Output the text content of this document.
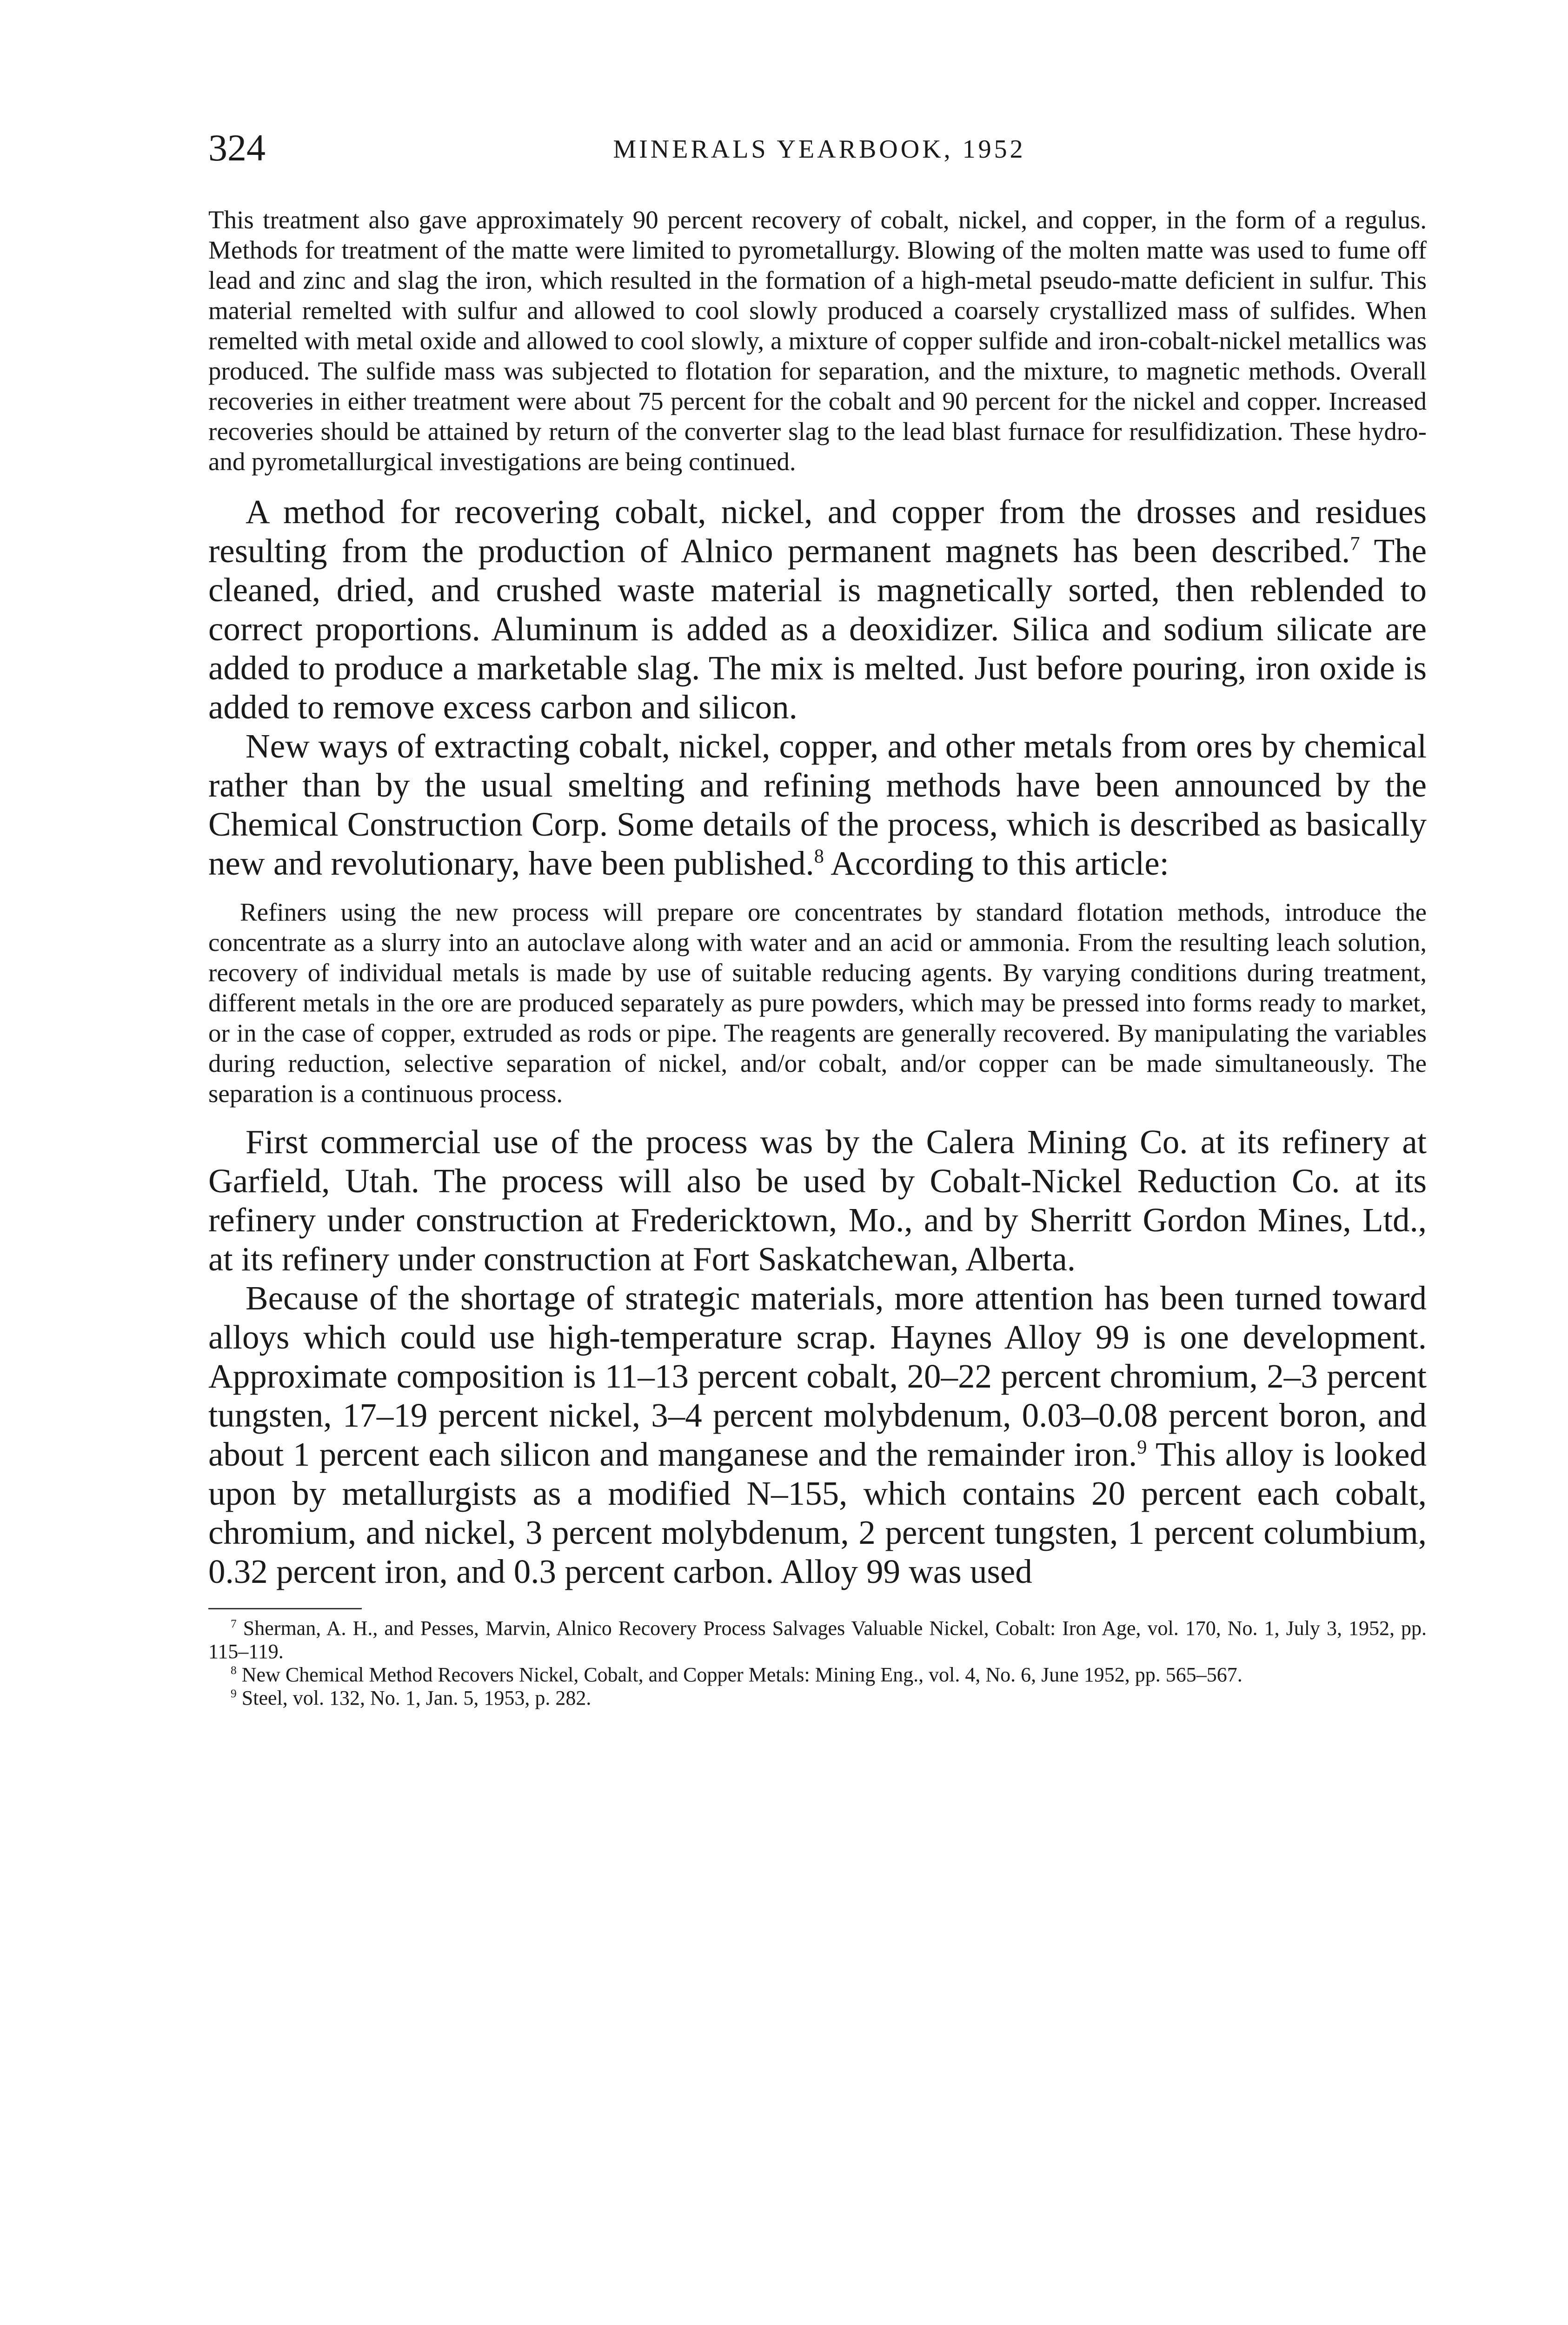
324	MINERALS YEARBOOK, 1952

This treatment also gave approximately 90 percent recovery of cobalt, nickel, and copper, in the form of a regulus. Methods for treatment of the matte were limited to pyrometallurgy. Blowing of the molten matte was used to fume off lead and zinc and slag the iron, which resulted in the formation of a high-metal pseudo-matte deficient in sulfur. This material remelted with sulfur and allowed to cool slowly produced a coarsely crystallized mass of sulfides. When remelted with metal oxide and allowed to cool slowly, a mixture of copper sulfide and iron-cobalt-nickel metallics was produced. The sulfide mass was subjected to flotation for separation, and the mixture, to magnetic methods. Overall recoveries in either treatment were about 75 percent for the cobalt and 90 percent for the nickel and copper. Increased recoveries should be attained by return of the converter slag to the lead blast furnace for resulfidization. These hydro- and pyrometallurgical investigations are being continued.

A method for recovering cobalt, nickel, and copper from the drosses and residues resulting from the production of Alnico permanent magnets has been described.$^7$ The cleaned, dried, and crushed waste material is magnetically sorted, then reblended to correct proportions. Aluminum is added as a deoxidizer. Silica and sodium silicate are added to produce a marketable slag. The mix is melted. Just before pouring, iron oxide is added to remove excess carbon and silicon.

New ways of extracting cobalt, nickel, copper, and other metals from ores by chemical rather than by the usual smelting and refining methods have been announced by the Chemical Construction Corp. Some details of the process, which is described as basically new and revolutionary, have been published.$^8$ According to this article:

Refiners using the new process will prepare ore concentrates by standard flotation methods, introduce the concentrate as a slurry into an autoclave along with water and an acid or ammonia. From the resulting leach solution, recovery of individual metals is made by use of suitable reducing agents. By varying conditions during treatment, different metals in the ore are produced separately as pure powders, which may be pressed into forms ready to market, or in the case of copper, extruded as rods or pipe. The reagents are generally recovered. By manipulating the variables during reduction, selective separation of nickel, and/or cobalt, and/or copper can be made simultaneously. The separation is a continuous process.

First commercial use of the process was by the Calera Mining Co. at its refinery at Garfield, Utah. The process will also be used by Cobalt-Nickel Reduction Co. at its refinery under construction at Fredericktown, Mo., and by Sherritt Gordon Mines, Ltd., at its refinery under construction at Fort Saskatchewan, Alberta.

Because of the shortage of strategic materials, more attention has been turned toward alloys which could use high-temperature scrap. Haynes Alloy 99 is one development. Approximate composition is 11–13 percent cobalt, 20–22 percent chromium, 2–3 percent tungsten, 17–19 percent nickel, 3–4 percent molybdenum, 0.03–0.08 percent boron, and about 1 percent each silicon and manganese and the remainder iron.$^9$ This alloy is looked upon by metallurgists as a modified N–155, which contains 20 percent each cobalt, chromium, and nickel, 3 percent molybdenum, 2 percent tungsten, 1 percent columbium, 0.32 percent iron, and 0.3 percent carbon. Alloy 99 was used

$^7$ Sherman, A. H., and Pesses, Marvin, Alnico Recovery Process Salvages Valuable Nickel, Cobalt: Iron Age, vol. 170, No. 1, July 3, 1952, pp. 115–119.

$^8$ New Chemical Method Recovers Nickel, Cobalt, and Copper Metals: Mining Eng., vol. 4, No. 6, June 1952, pp. 565–567.

$^9$ Steel, vol. 132, No. 1, Jan. 5, 1953, p. 282.
